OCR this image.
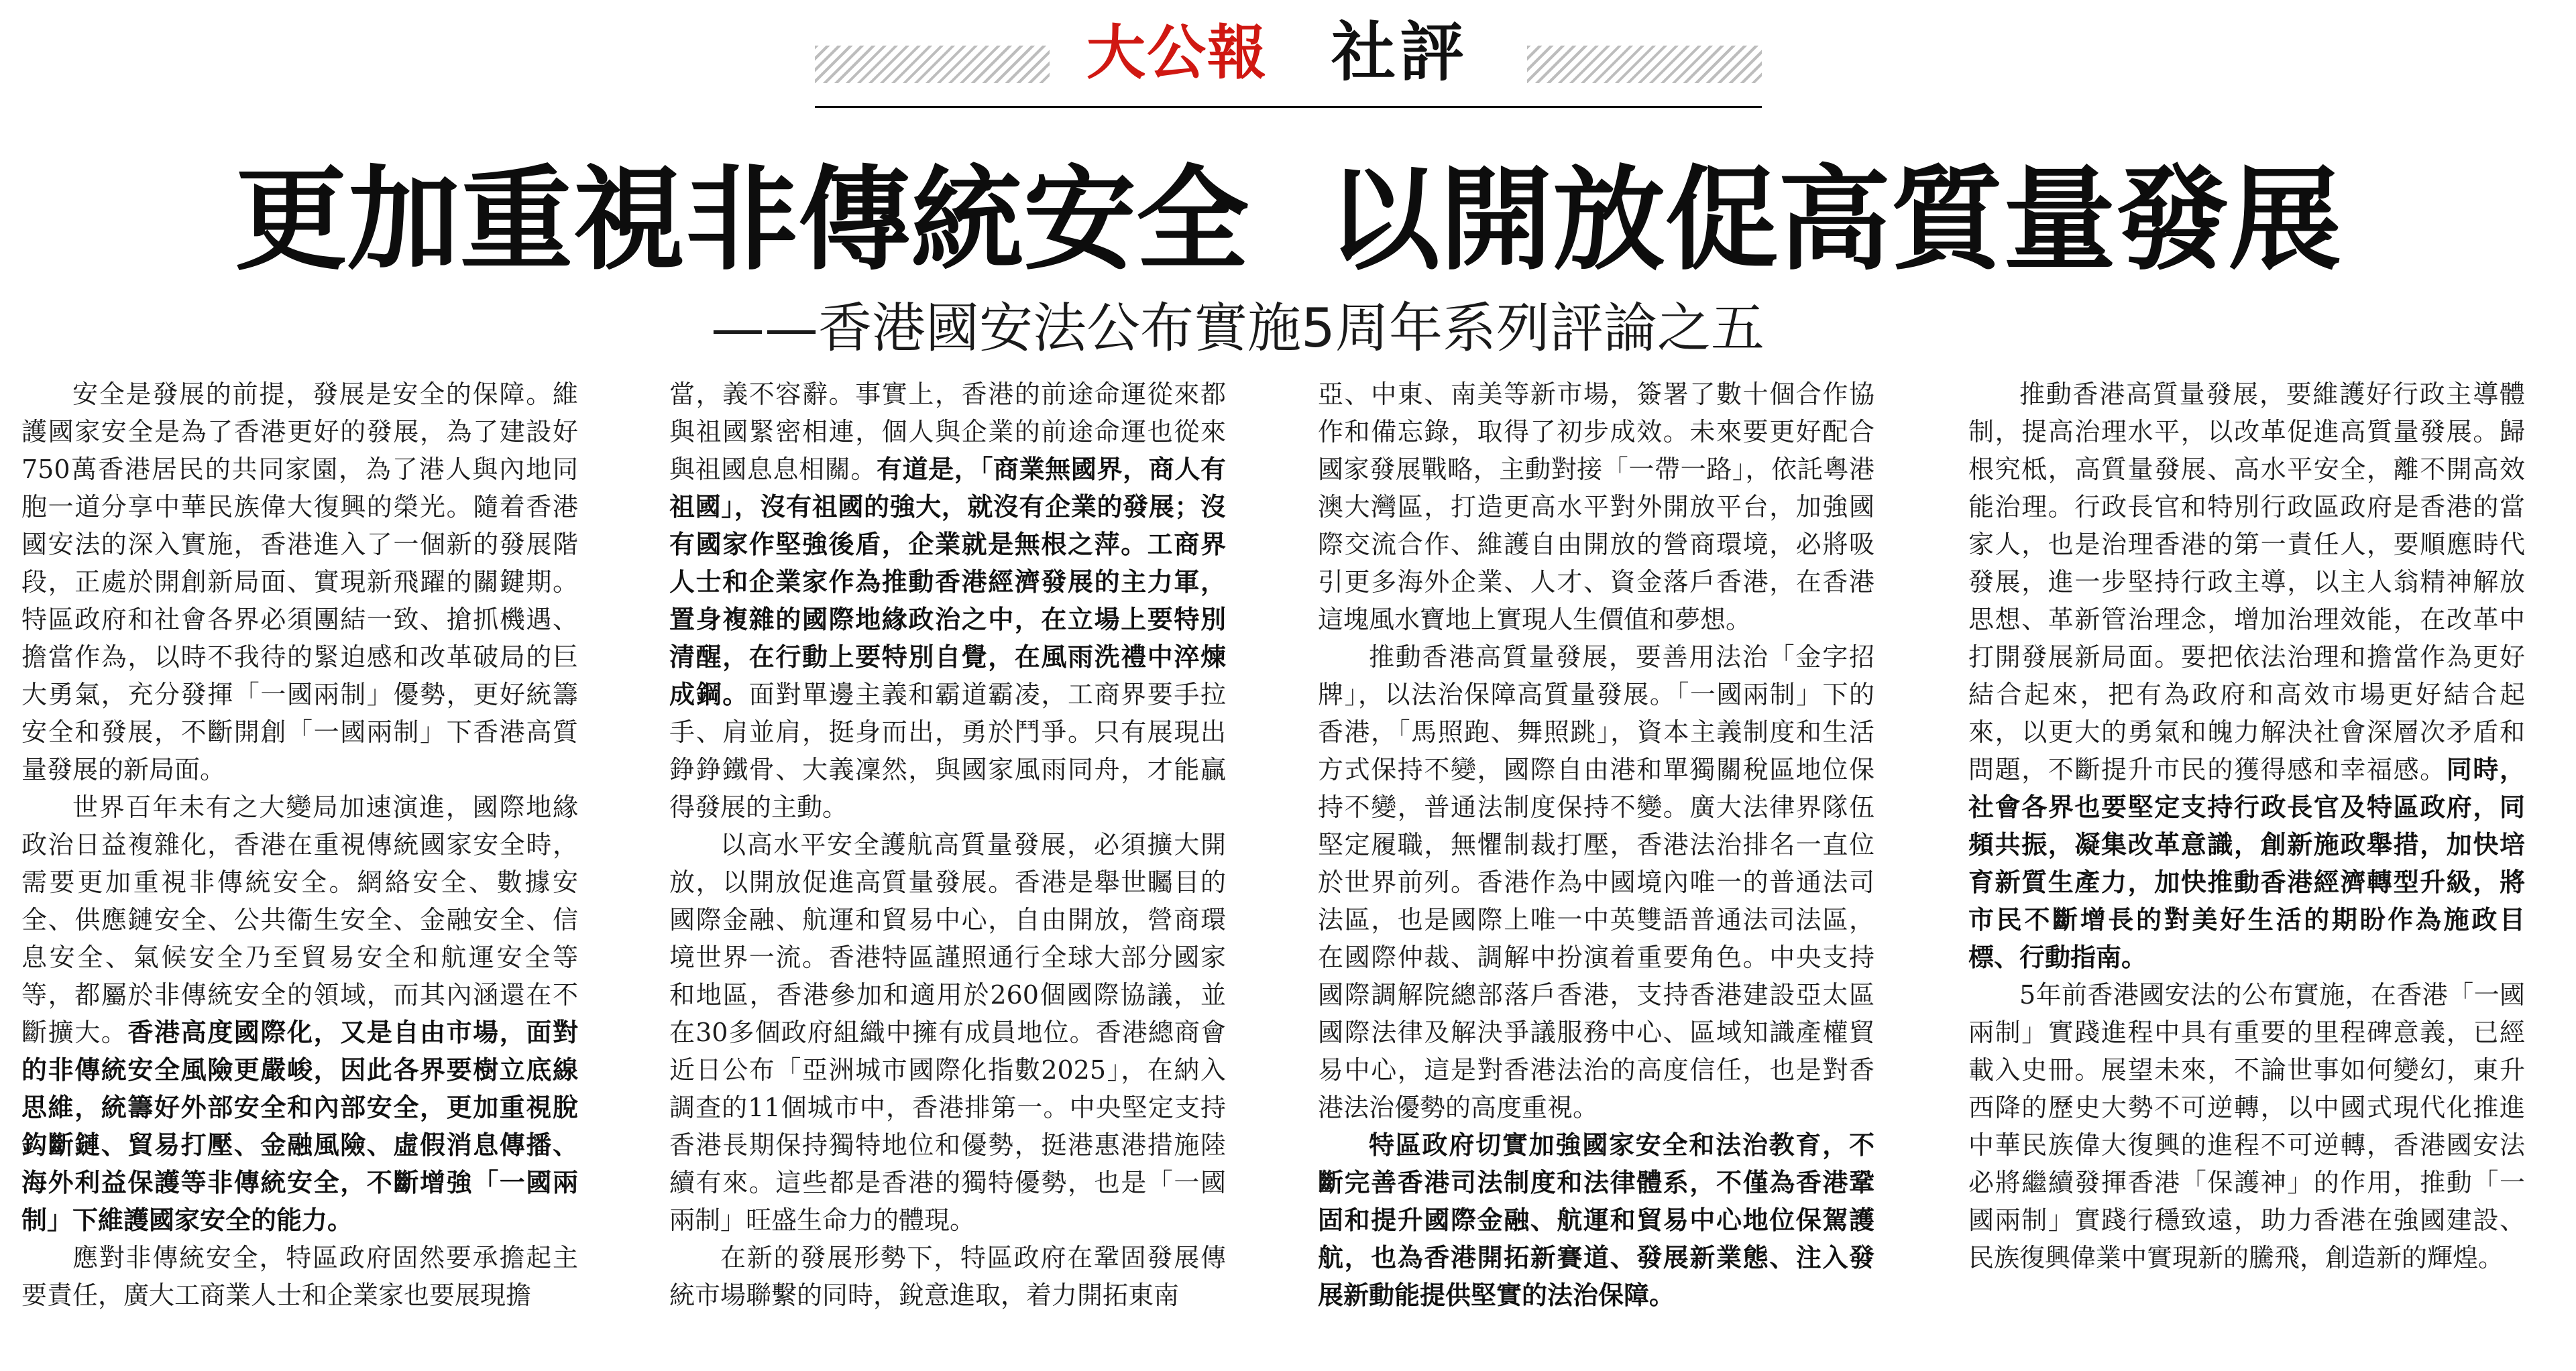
大公報 社評
更加重視非傳統安全  以開放促高質量發展
——香港國安法公布實施5周年系列評論之五

安全是發展的前提，發展是安全的保障。維護國家安全是為了香港更好的發展，為了建設好750萬香港居民的共同家園，為了港人與內地同胞一道分享中華民族偉大復興的榮光。隨着香港國安法的深入實施，香港進入了一個新的發展階段，正處於開創新局面、實現新飛躍的關鍵期。特區政府和社會各界必須團結一致、搶抓機遇、擔當作為，以時不我待的緊迫感和改革破局的巨大勇氣，充分發揮「一國兩制」優勢，更好統籌安全和發展，不斷開創「一國兩制」下香港高質量發展的新局面。

世界百年未有之大變局加速演進，國際地緣政治日益複雜化，香港在重視傳統國家安全時，需要更加重視非傳統安全。網絡安全、數據安全、供應鏈安全、公共衞生安全、金融安全、信息安全、氣候安全乃至貿易安全和航運安全等等，都屬於非傳統安全的領域，而其內涵還在不斷擴大。香港高度國際化，又是自由市場，面對的非傳統安全風險更嚴峻，因此各界要樹立底線思維，統籌好外部安全和內部安全，更加重視脫鈎斷鏈、貿易打壓、金融風險、虛假消息傳播、海外利益保護等非傳統安全，不斷增強「一國兩制」下維護國家安全的能力。

應對非傳統安全，特區政府固然要承擔起主要責任，廣大工商業人士和企業家也要展現擔

當，義不容辭。事實上，香港的前途命運從來都與祖國緊密相連，個人與企業的前途命運也從來與祖國息息相關。有道是，「商業無國界，商人有祖國」，沒有祖國的強大，就沒有企業的發展；沒有國家作堅強後盾，企業就是無根之萍。工商界人士和企業家作為推動香港經濟發展的主力軍，置身複雜的國際地緣政治之中，在立場上要特別清醒，在行動上要特別自覺，在風雨洗禮中淬煉成鋼。面對單邊主義和霸道霸凌，工商界要手拉手、肩並肩，挺身而出，勇於鬥爭。只有展現出錚錚鐵骨、大義凜然，與國家風雨同舟，才能贏得發展的主動。

以高水平安全護航高質量發展，必須擴大開放，以開放促進高質量發展。香港是舉世矚目的國際金融、航運和貿易中心，自由開放，營商環境世界一流。香港特區謹照通行全球大部分國家和地區，香港參加和適用於260個國際協議，並在30多個政府組織中擁有成員地位。香港總商會近日公布「亞洲城市國際化指數2025」，在納入調查的11個城市中，香港排第一。中央堅定支持香港長期保持獨特地位和優勢，挺港惠港措施陸續有來。這些都是香港的獨特優勢，也是「一國兩制」旺盛生命力的體現。

在新的發展形勢下，特區政府在鞏固發展傳統市場聯繫的同時，銳意進取，着力開拓東南

亞、中東、南美等新市場，簽署了數十個合作協作和備忘錄，取得了初步成效。未來要更好配合國家發展戰略，主動對接「一帶一路」，依託粵港澳大灣區，打造更高水平對外開放平台，加強國際交流合作、維護自由開放的營商環境，必將吸引更多海外企業、人才、資金落戶香港，在香港這塊風水寶地上實現人生價值和夢想。

推動香港高質量發展，要善用法治「金字招牌」，以法治保障高質量發展。「一國兩制」下的香港，「馬照跑、舞照跳」，資本主義制度和生活方式保持不變，國際自由港和單獨關稅區地位保持不變，普通法制度保持不變。廣大法律界隊伍堅定履職，無懼制裁打壓，香港法治排名一直位於世界前列。香港作為中國境內唯一的普通法司法區，也是國際上唯一中英雙語普通法司法區，在國際仲裁、調解中扮演着重要角色。中央支持國際調解院總部落戶香港，支持香港建設亞太區國際法律及解決爭議服務中心、區域知識產權貿易中心，這是對香港法治的高度信任，也是對香港法治優勢的高度重視。

特區政府切實加強國家安全和法治教育，不斷完善香港司法制度和法律體系，不僅為香港鞏固和提升國際金融、航運和貿易中心地位保駕護航，也為香港開拓新賽道、發展新業態、注入發展新動能提供堅實的法治保障。

推動香港高質量發展，要維護好行政主導體制，提高治理水平，以改革促進高質量發展。歸根究柢，高質量發展、高水平安全，離不開高效能治理。行政長官和特別行政區政府是香港的當家人，也是治理香港的第一責任人，要順應時代發展，進一步堅持行政主導，以主人翁精神解放思想、革新管治理念，增加治理效能，在改革中打開發展新局面。要把依法治理和擔當作為更好結合起來，把有為政府和高效市場更好結合起來，以更大的勇氣和魄力解決社會深層次矛盾和問題，不斷提升市民的獲得感和幸福感。同時，社會各界也要堅定支持行政長官及特區政府，同頻共振，凝集改革意識，創新施政舉措，加快培育新質生產力，加快推動香港經濟轉型升級，將市民不斷增長的對美好生活的期盼作為施政目標、行動指南。

5年前香港國安法的公布實施，在香港「一國兩制」實踐進程中具有重要的里程碑意義，已經載入史冊。展望未來，不論世事如何變幻，東升西降的歷史大勢不可逆轉，以中國式現代化推進中華民族偉大復興的進程不可逆轉，香港國安法必將繼續發揮香港「保護神」的作用，推動「一國兩制」實踐行穩致遠，助力香港在強國建設、民族復興偉業中實現新的騰飛，創造新的輝煌。
